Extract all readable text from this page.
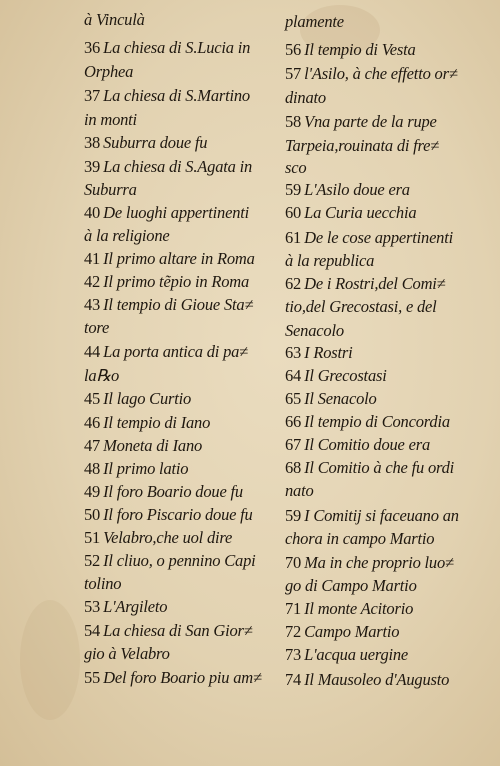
à Vinculà
36 La chiesa di S.Lucia in
Orphea
37 La chiesa di S.Martino
in monti
38 Suburra doue fu
39 La chiesa di S.Agata in
Suburra
40 De luoghi appertinenti
à la religione
41 Il primo altare in Roma
42 Il primo tẽpio in Roma
43 Il tempio di Gioue Sta≠
tore
44 La porta antica di pa≠
la℞o
45 Il lago Curtio
46 Il tempio di Iano
47 Moneta di Iano
48 Il primo latio
49 Il foro Boario doue fu
50 Il foro Piscario doue fu
51 Velabro,che uol dire
52 Il cliuo, o pennino Capi
tolino
53 L'Argileto
54 La chiesa di San Gior≠
gio à Velabro
55 Del foro Boario piu am≠
plamente
56 Il tempio di Vesta
57 l'Asilo, à che effetto or≠
dinato
58 Vna parte de la rupe
Tarpeia,rouinata di fre≠
sco
59 L'Asilo doue era
60 La Curia uecchia
61 De le cose appertinenti
à la republica
62 De i Rostri,del Comi≠
tio,del Grecostasi, e del
Senacolo
63 I Rostri
64 Il Grecostasi
65 Il Senacolo
66 Il tempio di Concordia
67 Il Comitio doue era
68 Il Comitio à che fu ordi
nato
59 I Comitij si faceuano an
chora in campo Martio
70 Ma in che proprio luo≠
go di Campo Martio
71 Il monte Acitorio
72 Campo Martio
73 L'acqua uergine
74 Il Mausoleo d'Augusto
